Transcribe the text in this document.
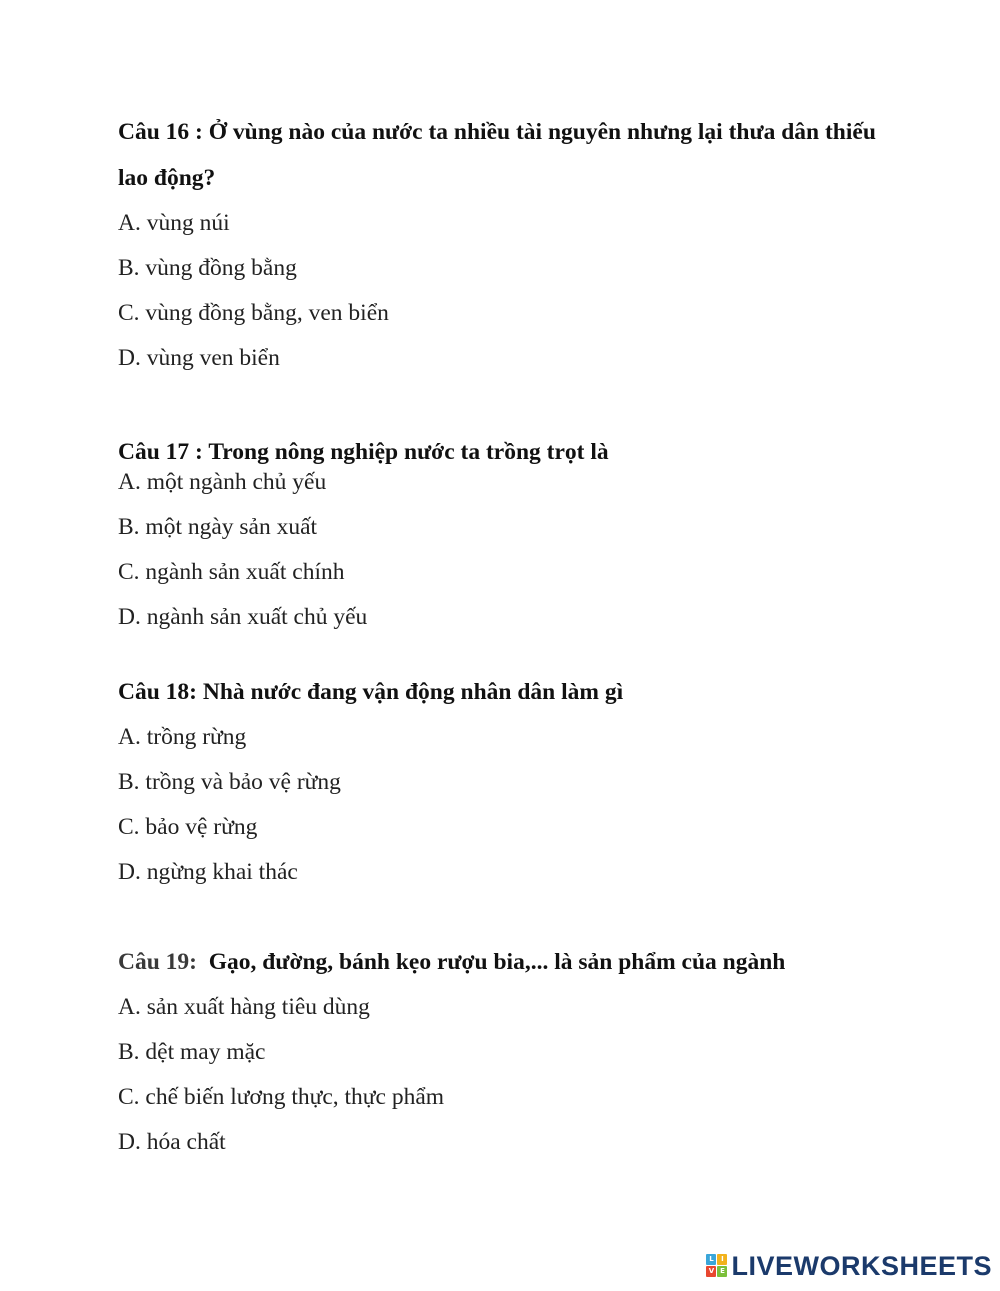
Câu 16 : Ở vùng nào của nước ta nhiều tài nguyên nhưng lại thưa dân thiếu
lao động?
A. vùng núi
B. vùng đồng bằng
C. vùng đồng bằng, ven biển
D. vùng ven biển
Câu 17 : Trong nông nghiệp nước ta trồng trọt là
A. một ngành chủ yếu
B. một ngày sản xuất
C. ngành sản xuất chính
D. ngành sản xuất chủ yếu
Câu 18: Nhà nước đang vận động nhân dân làm gì
A. trồng rừng
B. trồng và bảo vệ rừng
C. bảo vệ rừng
D. ngừng khai thác
Câu 19:  Gạo, đường, bánh kẹo rượu bia,... là sản phẩm của ngành
A. sản xuất hàng tiêu dùng
B. dệt may mặc
C. chế biến lương thực, thực phẩm
D. hóa chất
L	I
V E LIVEWORKSHEETS
